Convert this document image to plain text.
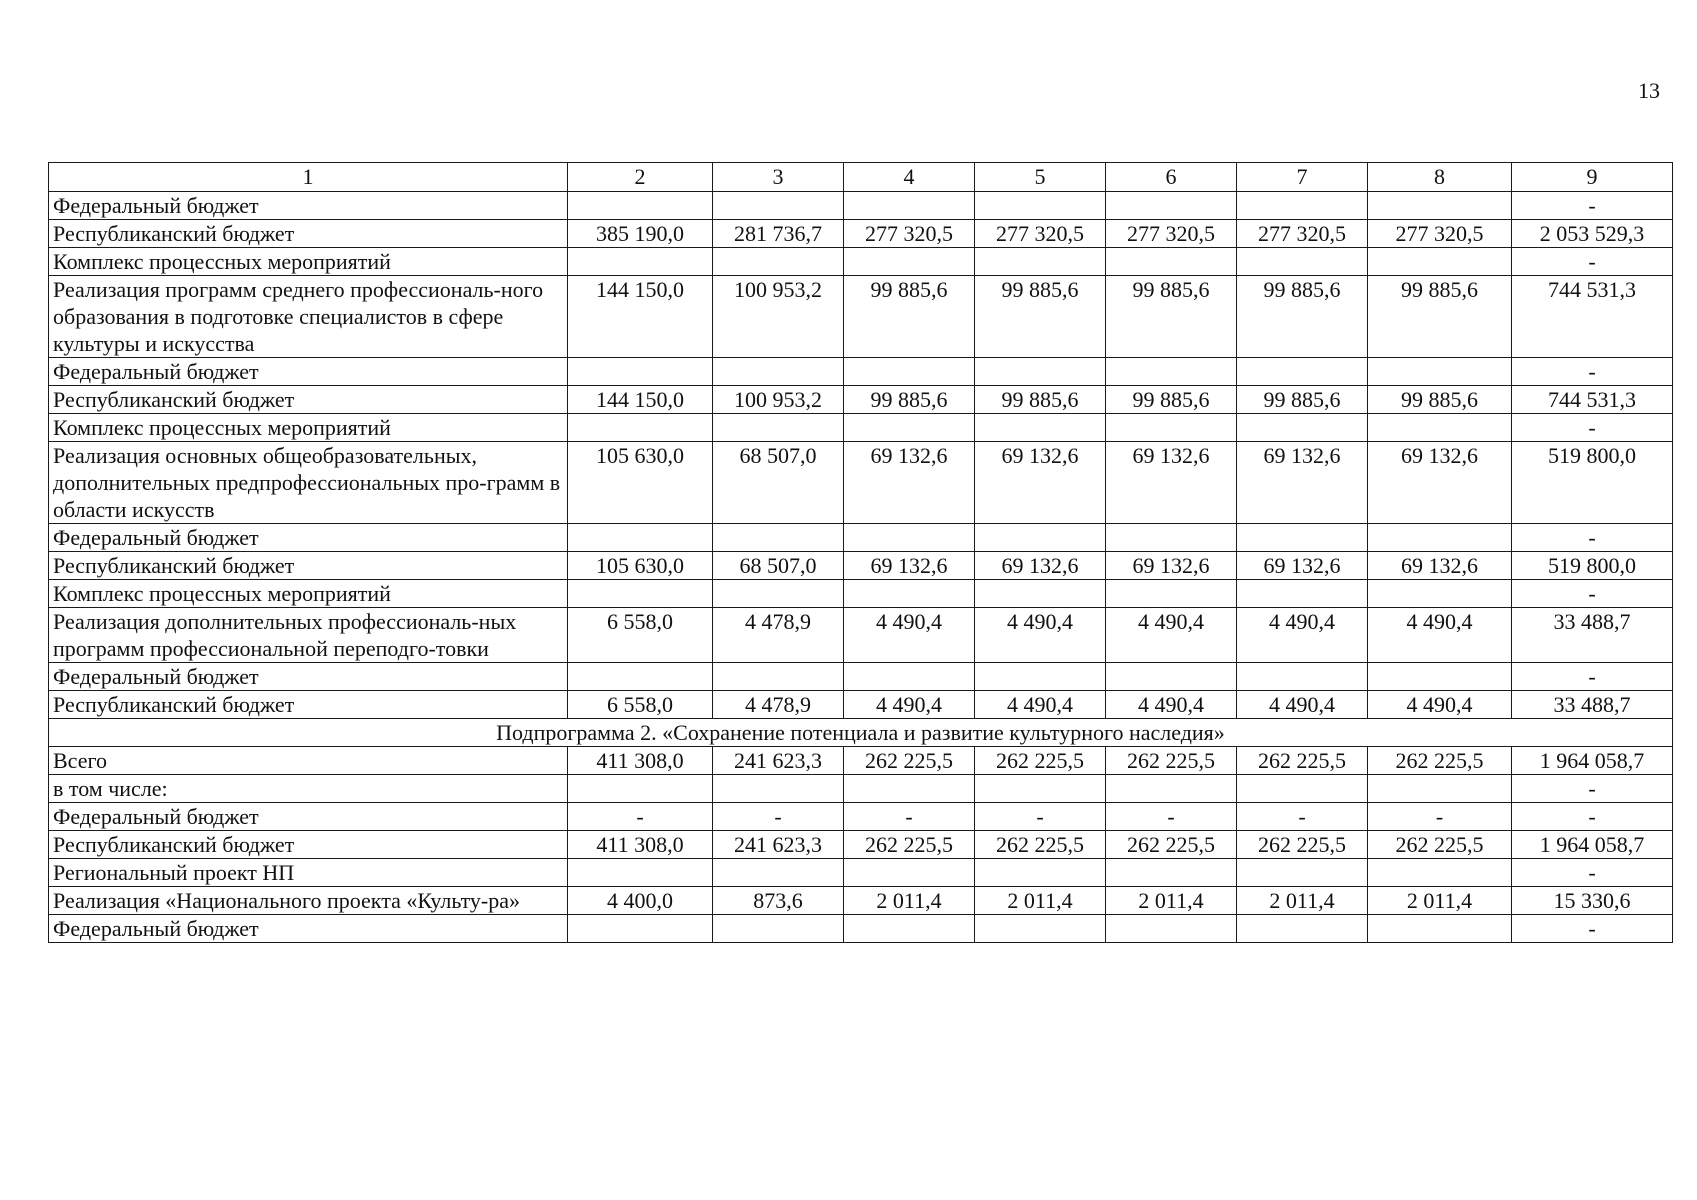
13
1	2	3	4	5	6	7	8	9
Федеральный бюджет								-
Республиканский бюджет	385 190,0	281 736,7	277 320,5	277 320,5	277 320,5	277 320,5	277 320,5	2 053 529,3
Комплекс процессных мероприятий								-
Реализация программ среднего профессиональ-ного образования в подготовке специалистов в сфере культуры и искусства	144 150,0	100 953,2	99 885,6	99 885,6	99 885,6	99 885,6	99 885,6	744 531,3
Федеральный бюджет								-
Республиканский бюджет	144 150,0	100 953,2	99 885,6	99 885,6	99 885,6	99 885,6	99 885,6	744 531,3
Комплекс процессных мероприятий								-
Реализация основных общеобразовательных, дополнительных предпрофессиональных про-грамм в области искусств	105 630,0	68 507,0	69 132,6	69 132,6	69 132,6	69 132,6	69 132,6	519 800,0
Федеральный бюджет								-
Республиканский бюджет	105 630,0	68 507,0	69 132,6	69 132,6	69 132,6	69 132,6	69 132,6	519 800,0
Комплекс процессных мероприятий								-
Реализация дополнительных профессиональ-ных программ профессиональной переподго-товки	6 558,0	4 478,9	4 490,4	4 490,4	4 490,4	4 490,4	4 490,4	33 488,7
Федеральный бюджет								-
Республиканский бюджет	6 558,0	4 478,9	4 490,4	4 490,4	4 490,4	4 490,4	4 490,4	33 488,7
Подпрограмма 2. «Сохранение потенциала и развитие культурного наследия»								
Всего	411 308,0	241 623,3	262 225,5	262 225,5	262 225,5	262 225,5	262 225,5	1 964 058,7
в том числе:								-
Федеральный бюджет	-	-	-	-	-	-	-	-
Республиканский бюджет	411 308,0	241 623,3	262 225,5	262 225,5	262 225,5	262 225,5	262 225,5	1 964 058,7
Региональный проект НП								-
Реализация «Национального проекта «Культу-ра»	4 400,0	873,6	2 011,4	2 011,4	2 011,4	2 011,4	2 011,4	15 330,6
Федеральный бюджет								-
